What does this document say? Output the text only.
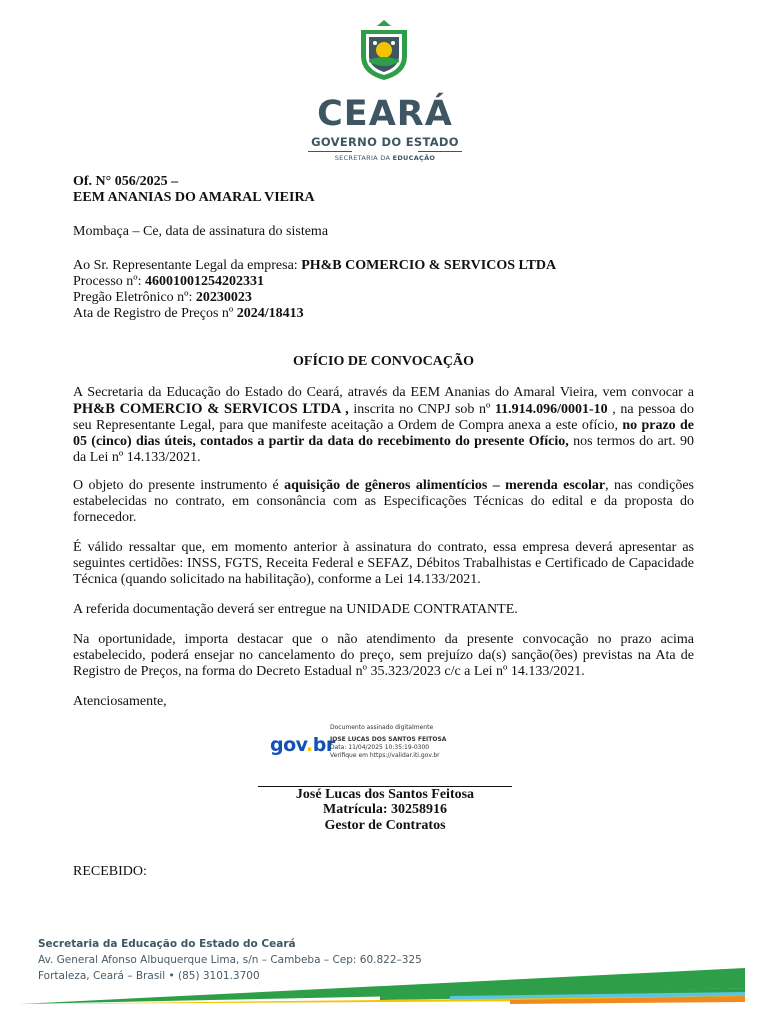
CEARÁ
GOVERNO DO ESTADO
SECRETARIA DA EDUCAÇÃO
Of. N° 056/2025 –
EEM ANANIAS DO AMARAL VIEIRA
Mombaça – Ce, data de assinatura do sistema
Ao Sr. Representante Legal da empresa: PH&B COMERCIO & SERVICOS LTDA
Processo nº: 46001001254202331
Pregão Eletrônico nº: 20230023
Ata de Registro de Preços nº 2024/18413
OFÍCIO DE CONVOCAÇÃO
A Secretaria da Educação do Estado do Ceará, através da EEM Ananias do Amaral Vieira, vem convocar a PH&B COMERCIO & SERVICOS LTDA , inscrita no CNPJ sob nº 11.914.096/0001-10 , na pessoa do seu Representante Legal, para que manifeste aceitação a Ordem de Compra anexa a este ofício, no prazo de 05 (cinco) dias úteis, contados a partir da data do recebimento do presente Ofício, nos termos do art. 90 da Lei nº 14.133/2021.
O objeto do presente instrumento é aquisição de gêneros alimentícios – merenda escolar, nas condições estabelecidas no contrato, em consonância com as Especificações Técnicas do edital e da proposta do fornecedor.
É válido ressaltar que, em momento anterior à assinatura do contrato, essa empresa deverá apresentar as seguintes certidões: INSS, FGTS, Receita Federal e SEFAZ, Débitos Trabalhistas e Certificado de Capacidade Técnica (quando solicitado na habilitação), conforme a Lei 14.133/2021.
A referida documentação deverá ser entregue na UNIDADE CONTRATANTE.
Na oportunidade, importa destacar que o não atendimento da presente convocação no prazo acima estabelecido, poderá ensejar no cancelamento do preço, sem prejuízo da(s) sanção(ões) previstas na Ata de Registro de Preços, na forma do Decreto Estadual nº 35.323/2023 c/c a Lei nº 14.133/2021.
Atenciosamente,
gov.br
Documento assinado digitalmente
JOSE LUCAS DOS SANTOS FEITOSA
Data: 11/04/2025 10:35:19-0300
Verifique em https://validar.iti.gov.br
José Lucas dos Santos Feitosa
Matrícula: 30258916
Gestor de Contratos
RECEBIDO:
Secretaria da Educação do Estado do Ceará
Av. General Afonso Albuquerque Lima, s/n – Cambeba – Cep: 60.822–325
Fortaleza, Ceará – Brasil • (85) 3101.3700
